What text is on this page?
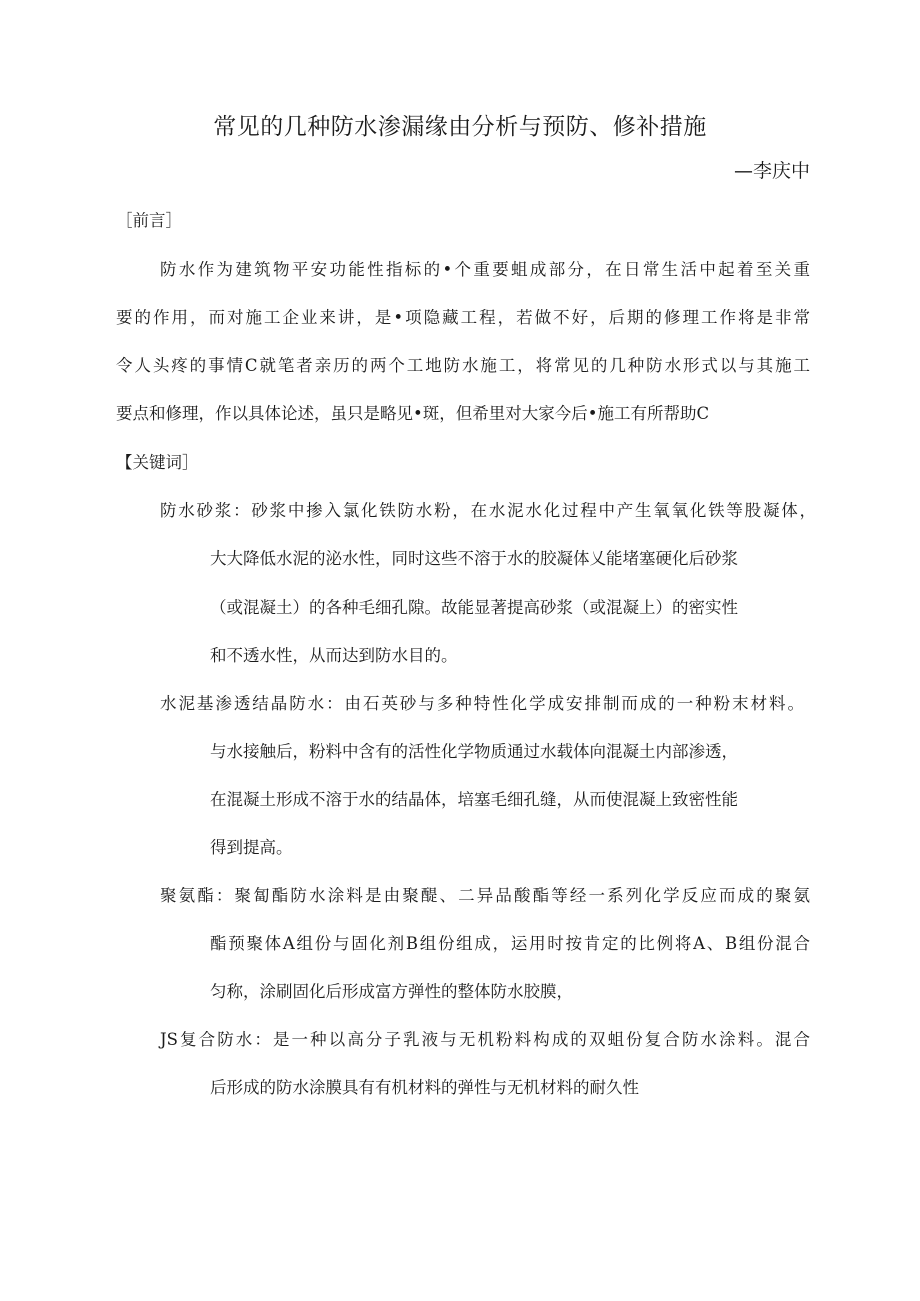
常见的几种防水渗漏缘由分析与预防、修补措施
—李庆中
［前言］
防水作为建筑物平安功能性指标的•个重要蛆成部分，在日常生活中起着至关重
要的作用，而对施工企业来讲，是•项隐藏工程，若做不好，后期的修理工作将是非常
令人头疼的事情C就笔者亲历的两个工地防水施工，将常见的几种防水形式以与其施工
要点和修理，作以具体论述，虽只是略见•斑，但希里对大家今后•施工有所帮助C
【关键词］
防水砂浆：砂浆中掺入氯化铁防水粉，在水泥水化过程中产生氧氧化铁等股凝体，
大大降低水泥的泌水性，同时这些不溶于水的胶凝体乂能堵塞硬化后砂浆
（或混凝土）的各种毛细孔隙。故能显著提高砂浆（或混凝上）的密实性
和不透水性，从而达到防水目的。
水泥基渗透结晶防水：由石英砂与多种特性化学成安排制而成的一种粉末材料。
与水接触后，粉料中含有的活性化学物质通过水载体向混凝土内部渗透，
在混凝土形成不溶于水的结晶体，培塞毛细孔缝，从而使混凝上致密性能
得到提高。
聚氨酯：聚匐酯防水涂料是由聚醍、二异品酸酯等经一系列化学反应而成的聚氨
酯预聚体A组份与固化剂B组份组成，运用时按肯定的比例将A、B组份混合
匀称，涂刷固化后形成富方弹性的整体防水胶膜，
JS复合防水：是一种以高分子乳液与无机粉料构成的双蛆份复合防水涂料。混合
后形成的防水涂膜具有有机材料的弹性与无机材料的耐久性
